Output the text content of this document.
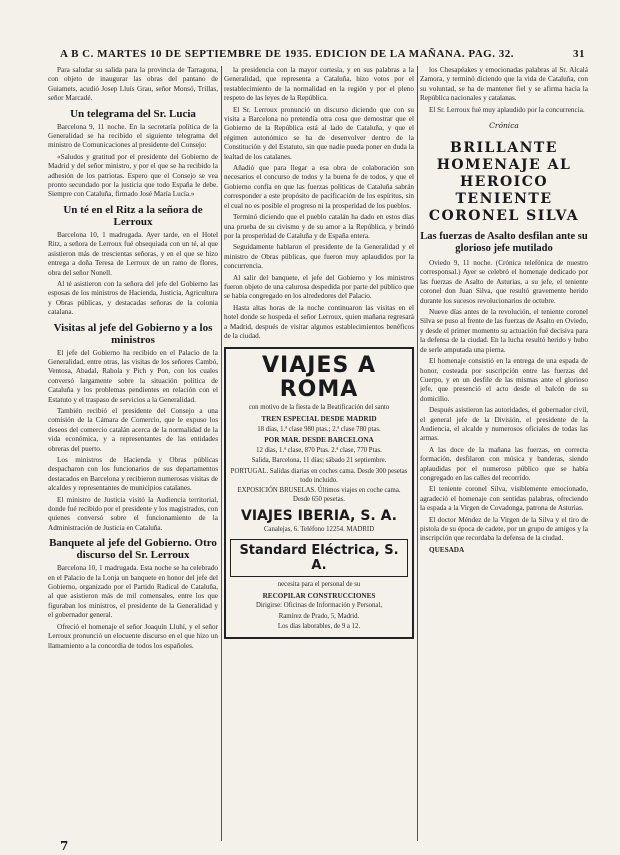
A B C. MARTES 10 DE SEPTIEMBRE DE 1935. EDICION DE LA MAÑANA. PAG. 32.	31

Para saludar su salida para la provincia de Tarragona, con objeto de inaugurar las obras del pantano de Guiamets, acudió Josep Lluís Grau, señor Monsó, Trillas, señor Marcadé.

Un telegrama del Sr. Lucia

Barcelona 9, 11 noche. En la secretaría política de la Generalidad se ha recibido el siguiente telegrama del ministro de Comunicaciones al presidente del Consejo:

«Saludos y gratitud por el presidente del Gobierno de Madrid y del señor ministro, y por el que se ha recibido la adhesión de los patriotas. Espero que el Consejo se vea pronto secundado por la justicia que todo España le debe. Siempre con Cataluña, firmado José María Lucía.»

Un té en el Ritz a la señora de Lerroux

Barcelona 10, 1 madrugada. Ayer tarde, en el Hotel Ritz, a señora de Lerroux fué obsequiada con un té, al que asistieron más de trescientas señoras, y en el que se hizo entrega a doña Teresa de Lerroux de un ramo de flores, obra del señor Nonell.

Al té asistieron con la señora del jefe del Gobierno las esposas de los ministros de Hacienda, Justicia, Agricultura y Obras públicas, y destacadas señoras de la colonia catalana.

Visitas al jefe del Gobierno y a los ministros

El jefe del Gobierno ha recibido en el Palacio de la Generalidad, entre otras, las visitas de los señores Cambó, Ventosa, Abadal, Rahola y Pich y Pon, con los cuales conversó largamente sobre la situación política de Cataluña y los problemas pendientes en relación con el Estatuto y el traspaso de servicios a la Generalidad.

También recibió el presidente del Consejo a una comisión de la Cámara de Comercio, que le expuso los deseos del comercio catalán acerca de la normalidad de la vida económica, y a representantes de las entidades obreras del puerto.

Los ministros de Hacienda y Obras públicas despacharon con los funcionarios de sus departamentos destacados en Barcelona y recibieron numerosas visitas de alcaldes y representantes de municipios catalanes.

El ministro de Justicia visitó la Audiencia territorial, donde fué recibido por el presidente y los magistrados, con quienes conversó sobre el funcionamiento de la Administración de Justicia en Cataluña.

Banquete al jefe del Gobierno. Otro discurso del Sr. Lerroux

Barcelona 10, 1 madrugada. Esta noche se ha celebrado en el Palacio de la Lonja un banquete en honor del jefe del Gobierno, organizado por el Partido Radical de Cataluña, al que asistieron más de mil comensales, entre los que figuraban los ministros, el presidente de la Generalidad y el gobernador general.

Ofreció el homenaje el señor Joaquín Lluhí, y el señor Lerroux pronunció un elocuente discurso en el que hizo un llamamiento a la concordia de todos los españoles.

la presidencia con la mayor cortesía, y en sus palabras a la Generalidad, que representa a Cataluña, hizo votos por el restablecimiento de la normalidad en la región y por el pleno respeto de las leyes de la República.

El Sr. Lerroux pronunció un discurso diciendo que con su visita a Barcelona no pretendía otra cosa que demostrar que el Gobierno de la República está al lado de Cataluña, y que el régimen autonómico se ha de desenvolver dentro de la Constitución y del Estatuto, sin que nadie pueda poner en duda la lealtad de los catalanes.

Añadió que para llegar a esa obra de colaboración son necesarios el concurso de todos y la buena fe de todos, y que el Gobierno confía en que las fuerzas políticas de Cataluña sabrán corresponder a este propósito de pacificación de los espíritus, sin el cual no es posible el progreso ni la prosperidad de los pueblos.

Terminó diciendo que el pueblo catalán ha dado en estos días una prueba de su civismo y de su amor a la República, y brindó por la prosperidad de Cataluña y de España entera.

Seguidamente hablaron el presidente de la Generalidad y el ministro de Obras públicas, que fueron muy aplaudidos por la concurrencia.

Al salir del banquete, el jefe del Gobierno y los ministros fueron objeto de una calurosa despedida por parte del público que se había congregado en los alrededores del Palacio.

Hasta altas horas de la noche continuaron las visitas en el hotel donde se hospeda el señor Lerroux, quien mañana regresará a Madrid, después de visitar algunos establecimientos benéficos de la ciudad.

VIAJES A ROMA

con motivo de la fiesta de la Beatificación del santo

TREN ESPECIAL DESDE MADRID

18 días, 1.ª clase 980 ptas.; 2.ª clase 780 ptas.

POR MAR. DESDE BARCELONA

12 días, 1.ª clase, 870 Ptas. 2.ª clase, 770 Ptas.

Salida, Barcelona, 11 días; sábado 21 septiembre.

PORTUGAL. Salidas diarias en coches cama. Desde 300 pesetas todo incluido.

EXPOSICIÓN BRUSELAS. Últimos viajes en coche cama. Desde 650 pesetas.

VIAJES IBERIA, S. A.

Canalejas, 6. Teléfono 12254. MADRID

Standard Eléctrica, S. A.

necesita para el personal de su

RECOPILAR CONSTRUCCIONES

Dirigirse: Oficinas de Información y Personal,

Ramírez de Prado, 5, Madrid.

Los días laborables, de 9 a 12.

los Chesapéakes y emocionadas palabras al Sr. Alcalá Zamora, y terminó diciendo que la vida de Cataluña, con su voluntad, se ha de mantener fiel y se afirma hacia la República nacionales y catalanas.

El Sr. Lerroux fué muy aplaudido por la concurrencia.

Crónica
BRILLANTE HOMENAJE AL HEROICO TENIENTE CORONEL SILVA
Las fuerzas de Asalto desfilan ante su glorioso jefe mutilado

Oviedo 9, 11 noche. (Crónica telefónica de nuestro corresponsal.) Ayer se celebró el homenaje dedicado por las fuerzas de Asalto de Asturias, a su jefe, el teniente coronel don Juan Silva, que resultó gravemente herido durante los sucesos revolucionarios de octubre.

Nueve días antes de la revolución, el teniente coronel Silva se puso al frente de las fuerzas de Asalto en Oviedo, y desde el primer momento su actuación fué decisiva para la defensa de la ciudad. En la lucha resultó herido y hubo de serle amputada una pierna.

El homenaje consistió en la entrega de una espada de honor, costeada por suscripción entre las fuerzas del Cuerpo, y en un desfile de las mismas ante el glorioso jefe, que presenció el acto desde el balcón de su domicilio.

Después asistieron las autoridades, el gobernador civil, el general jefe de la División, el presidente de la Audiencia, el alcalde y numerosos oficiales de todas las armas.

A las doce de la mañana las fuerzas, en correcta formación, desfilaron con música y banderas, siendo aplaudidas por el numeroso público que se había congregado en las calles del recorrido.

El teniente coronel Silva, visiblemente emocionado, agradeció el homenaje con sentidas palabras, ofreciendo la espada a la Virgen de Covadonga, patrona de Asturias.

El doctor Méndez de la Virgen de la Silva y el tiro de pistola de su época de cadete, por un grupo de amigos y la inscripción que recordaba la defensa de la ciudad.

QUESADA

7
